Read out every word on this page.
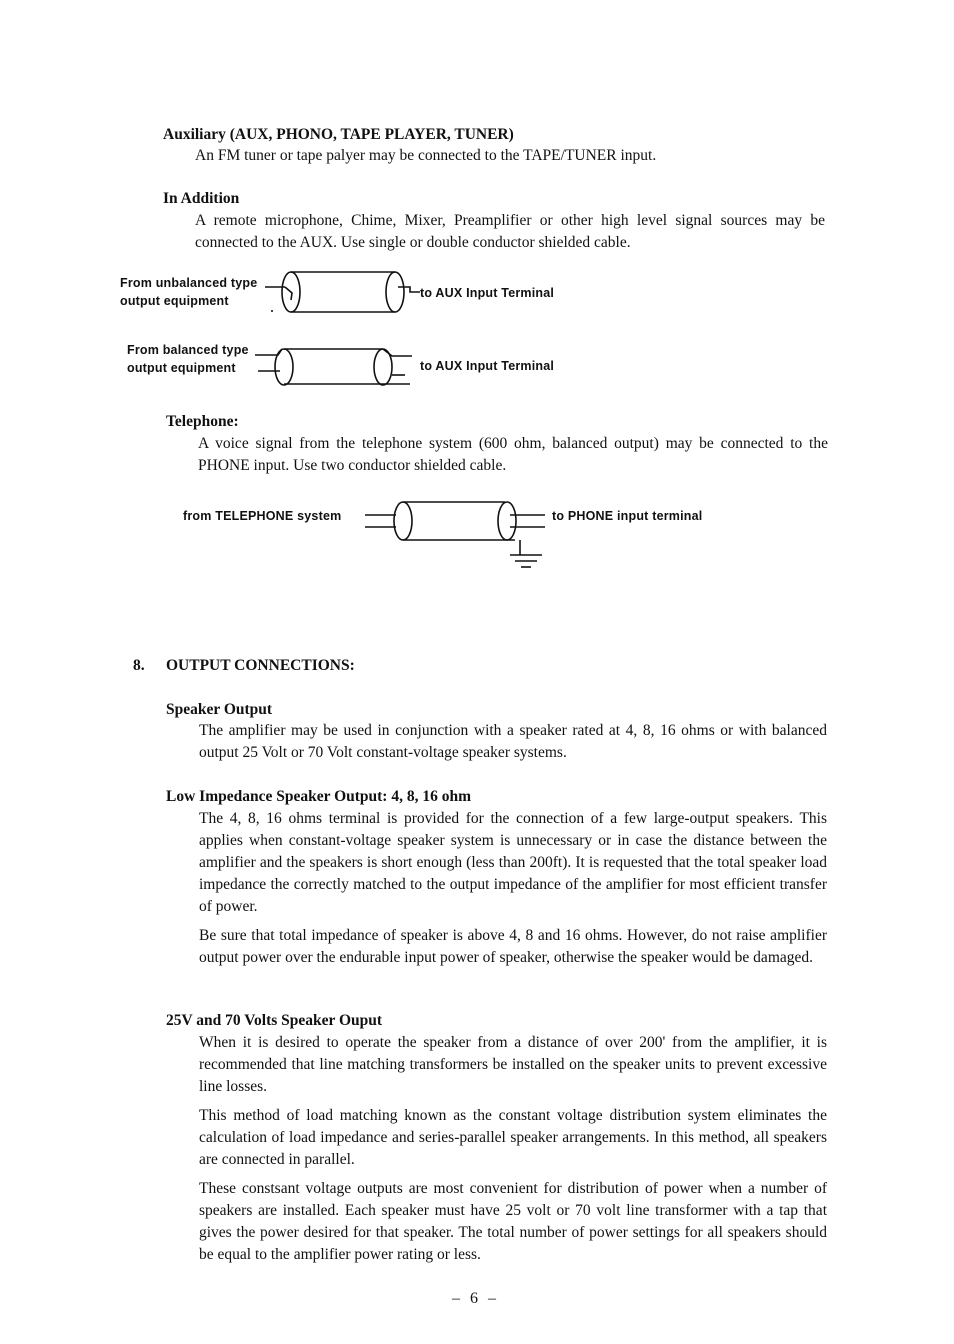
Auxiliary (AUX, PHONO, TAPE PLAYER, TUNER)
An FM tuner or tape palyer may be connected to the TAPE/TUNER input.
In Addition
A remote microphone, Chime, Mixer, Preamplifier or other high level signal sources may be connected to the AUX. Use single or double conductor shielded cable.
From unbalanced type
output equipment
to AUX Input Terminal
From balanced type
output equipment	to AUX Input Terminal
Telephone:
A voice signal from the telephone system (600 ohm, balanced output) may be connected to the PHONE input. Use two conductor shielded cable.
from TELEPHONE system	to PHONE input terminal
8. OUTPUT CONNECTIONS:
Speaker Output
The amplifier may be used in conjunction with a speaker rated at 4, 8, 16 ohms or with balanced output 25 Volt or 70 Volt constant-voltage speaker systems.
Low Impedance Speaker Output: 4, 8, 16 ohm
The 4, 8, 16 ohms terminal is provided for the connection of a few large-output speakers. This applies when constant-voltage speaker system is unnecessary or in case the distance between the amplifier and the speakers is short enough (less than 200ft). It is requested that the total speaker load impedance the correctly matched to the output impedance of the amplifier for most efficient transfer of power.
Be sure that total impedance of speaker is above 4, 8 and 16 ohms. However, do not raise amplifier output power over the endurable input power of speaker, otherwise the speaker would be damaged.
25V and 70 Volts Speaker Ouput
When it is desired to operate the speaker from a distance of over 200' from the amplifier, it is recommended that line matching transformers be installed on the speaker units to prevent excessive line losses.
This method of load matching known as the constant voltage distribution system eliminates the calculation of load impedance and series-parallel speaker arrangements. In this method, all speakers are connected in parallel.
These constsant voltage outputs are most convenient for distribution of power when a number of speakers are installed. Each speaker must have 25 volt or 70 volt line transformer with a tap that gives the power desired for that speaker. The total number of power settings for all speakers should be equal to the amplifier power rating or less.
– 6 –
